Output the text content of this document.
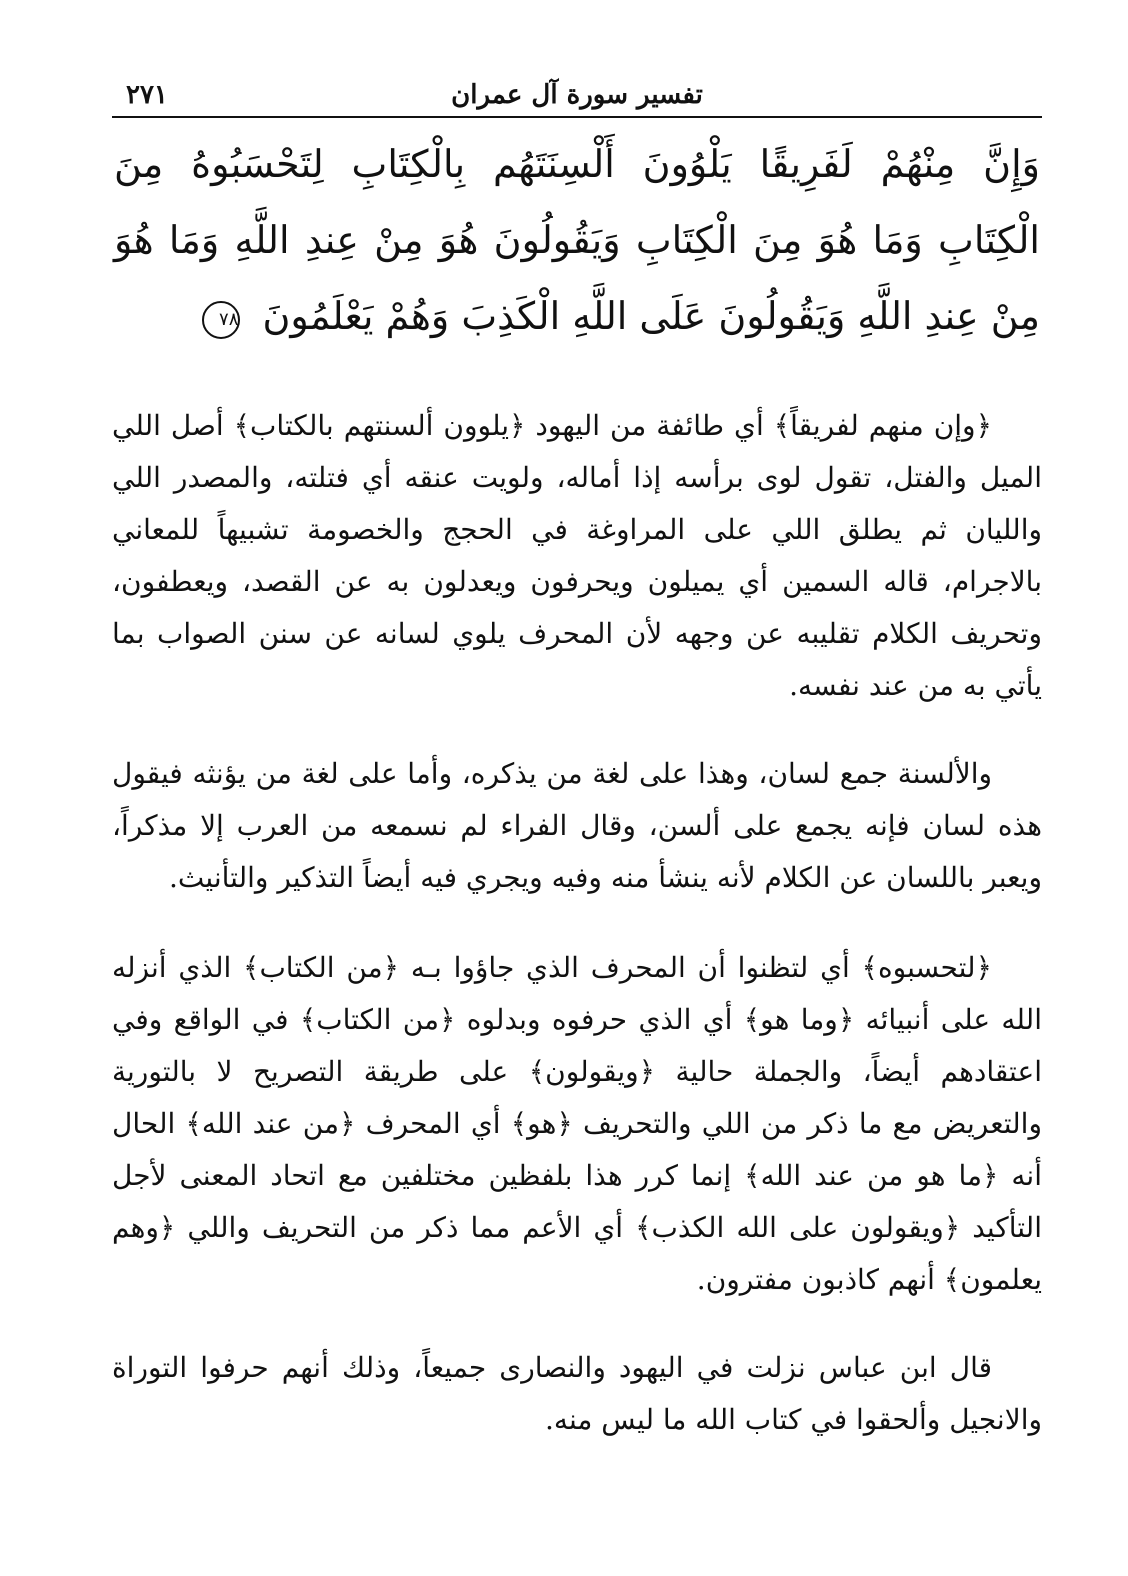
تفسير سورة آل عمران
٢٧١
وَإِنَّ مِنْهُمْ لَفَرِيقًا يَلْوُونَ أَلْسِنَتَهُم بِالْكِتَابِ لِتَحْسَبُوهُ مِنَ الْكِتَابِ وَمَا هُوَ مِنَ الْكِتَابِ وَيَقُولُونَ هُوَ مِنْ عِندِ اللَّهِ وَمَا هُوَ مِنْ عِندِ اللَّهِ وَيَقُولُونَ عَلَى اللَّهِ الْكَذِبَ وَهُمْ يَعْلَمُونَ ٧٨

﴿وإن منهم لفريقاً﴾ أي طائفة من اليهود ﴿يلوون ألسنتهم بالكتاب﴾ أصل اللي الميل والفتل، تقول لوى برأسه إذا أماله، ولويت عنقه أي فتلته، والمصدر اللي والليان ثم يطلق اللي على المراوغة في الحجج والخصومة تشبيهاً للمعاني بالاجرام، قاله السمين أي يميلون ويحرفون ويعدلون به عن القصد، ويعطفون، وتحريف الكلام تقليبه عن وجهه لأن المحرف يلوي لسانه عن سنن الصواب بما يأتي به من عند نفسه.

والألسنة جمع لسان، وهذا على لغة من يذكره، وأما على لغة من يؤنثه فيقول هذه لسان فإنه يجمع على ألسن، وقال الفراء لم نسمعه من العرب إلا مذكراً، ويعبر باللسان عن الكلام لأنه ينشأ منه وفيه ويجري فيه أيضاً التذكير والتأنيث.

﴿لتحسبوه﴾ أي لتظنوا أن المحرف الذي جاؤوا بـه ﴿من الكتاب﴾ الذي أنزله الله على أنبيائه ﴿وما هو﴾ أي الذي حرفوه وبدلوه ﴿من الكتاب﴾ في الواقع وفي اعتقادهم أيضاً، والجملة حالية ﴿ويقولون﴾ على طريقة التصريح لا بالتورية والتعريض مع ما ذكر من اللي والتحريف ﴿هو﴾ أي المحرف ﴿من عند الله﴾ الحال أنه ﴿ما هو من عند الله﴾ إنما كرر هذا بلفظين مختلفين مع اتحاد المعنى لأجل التأكيد ﴿ويقولون على الله الكذب﴾ أي الأعم مما ذكر من التحريف واللي ﴿وهم يعلمون﴾ أنهم كاذبون مفترون.

قال ابن عباس نزلت في اليهود والنصارى جميعاً، وذلك أنهم حرفوا التوراة والانجيل وألحقوا في كتاب الله ما ليس منه.
